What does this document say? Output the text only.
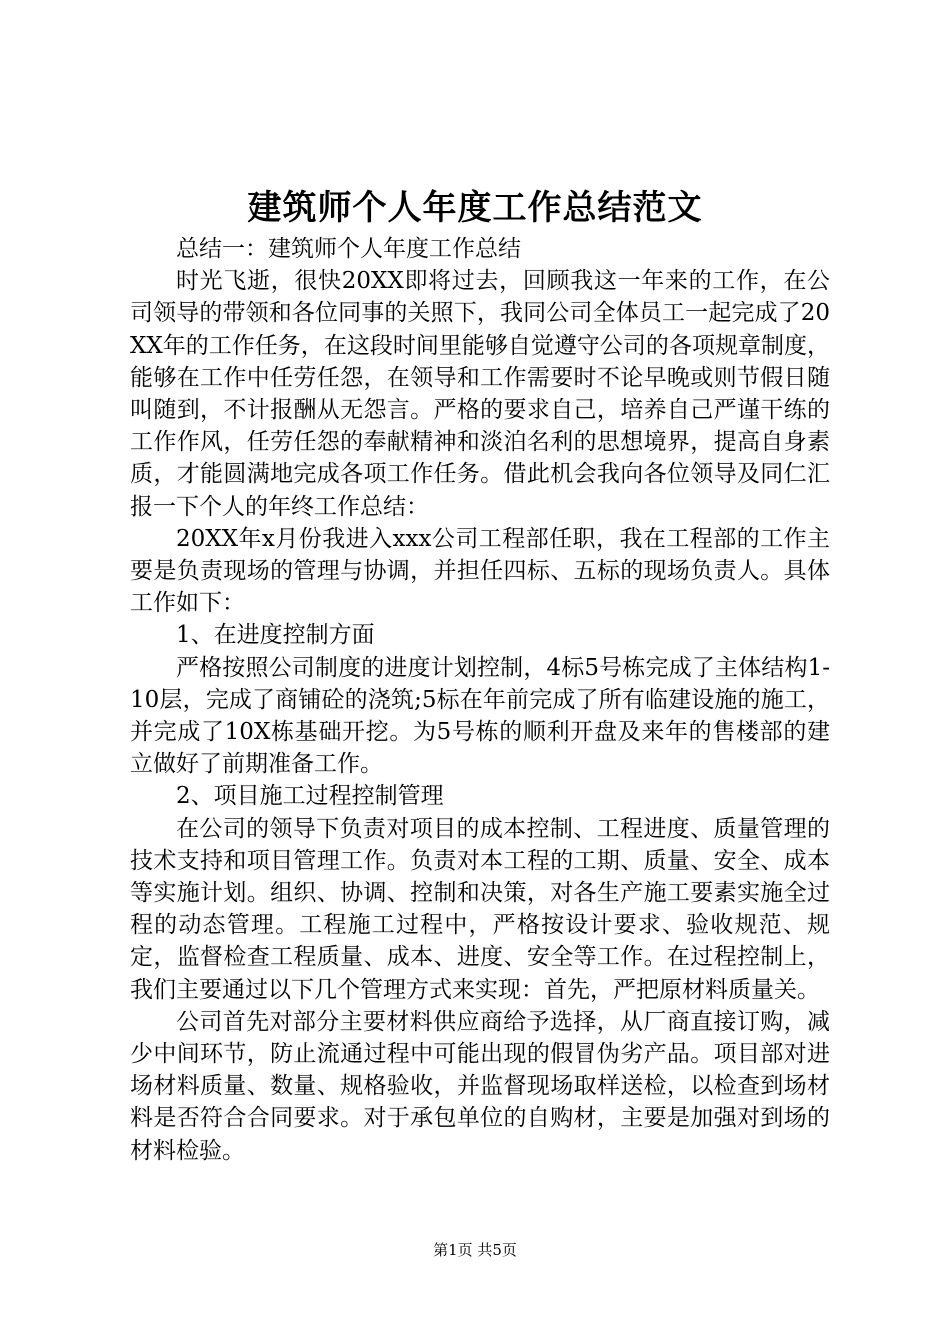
建筑师个人年度工作总结范文

总结一：建筑师个人年度工作总结

时光飞逝，很快20XX即将过去，回顾我这一年来的工作，在公司领导的带领和各位同事的关照下，我同公司全体员工一起完成了20XX年的工作任务，在这段时间里能够自觉遵守公司的各项规章制度，能够在工作中任劳任怨，在领导和工作需要时不论早晚或则节假日随叫随到，不计报酬从无怨言。严格的要求自己，培养自己严谨干练的工作作风，任劳任怨的奉献精神和淡泊名利的思想境界，提高自身素质，才能圆满地完成各项工作任务。借此机会我向各位领导及同仁汇报一下个人的年终工作总结：

20XX年x月份我进入xxx公司工程部任职，我在工程部的工作主要是负责现场的管理与协调，并担任四标、五标的现场负责人。具体工作如下：

1、在进度控制方面

严格按照公司制度的进度计划控制，4标5号栋完成了主体结构1-10层，完成了商铺砼的浇筑;5标在年前完成了所有临建设施的施工，并完成了10X栋基础开挖。为5号栋的顺利开盘及来年的售楼部的建立做好了前期准备工作。

2、项目施工过程控制管理

在公司的领导下负责对项目的成本控制、工程进度、质量管理的技术支持和项目管理工作。负责对本工程的工期、质量、安全、成本等实施计划。组织、协调、控制和决策，对各生产施工要素实施全过程的动态管理。工程施工过程中，严格按设计要求、验收规范、规定，监督检查工程质量、成本、进度、安全等工作。在过程控制上，我们主要通过以下几个管理方式来实现：首先，严把原材料质量关。

公司首先对部分主要材料供应商给予选择，从厂商直接订购，减少中间环节，防止流通过程中可能出现的假冒伪劣产品。项目部对进场材料质量、数量、规格验收，并监督现场取样送检，以检查到场材料是否符合合同要求。对于承包单位的自购材，主要是加强对到场的材料检验。

第1页 共5页
